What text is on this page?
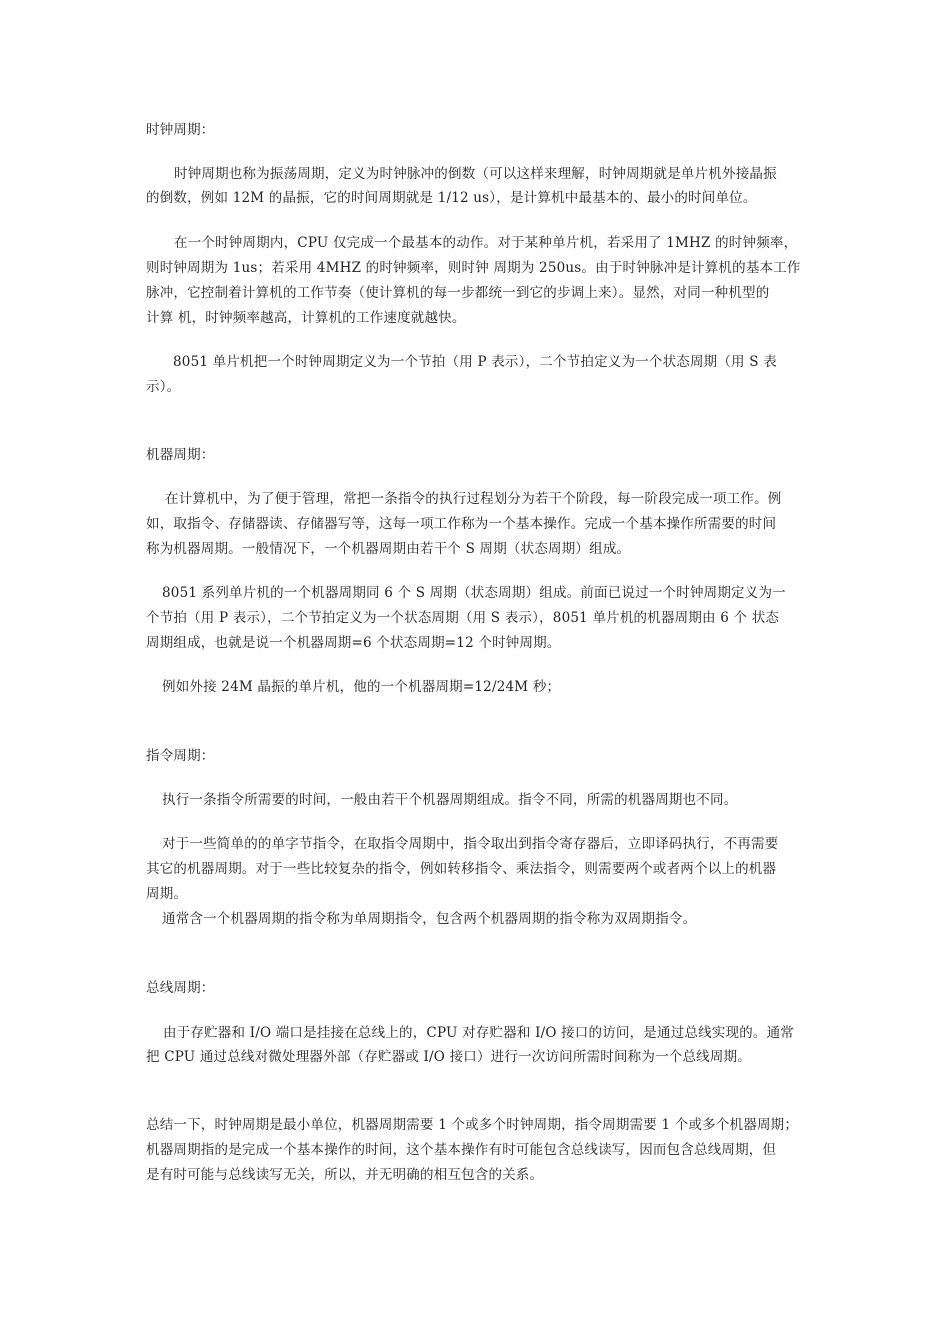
时钟周期：
时钟周期也称为振荡周期，定义为时钟脉冲的倒数（可以这样来理解，时钟周期就是单片机外接晶振
的倒数，例如 12M 的晶振，它的时间周期就是 1/12 us），是计算机中最基本的、最小的时间单位。
在一个时钟周期内，CPU 仅完成一个最基本的动作。对于某种单片机，若采用了 1MHZ 的时钟频率，
则时钟周期为 1us；若采用 4MHZ 的时钟频率，则时钟 周期为 250us。由于时钟脉冲是计算机的基本工作
脉冲，它控制着计算机的工作节奏（使计算机的每一步都统一到它的步调上来）。显然，对同一种机型的
计算 机，时钟频率越高，计算机的工作速度就越快。
8051 单片机把一个时钟周期定义为一个节拍（用 P 表示），二个节拍定义为一个状态周期（用 S 表
示）。
机器周期：
在计算机中，为了便于管理，常把一条指令的执行过程划分为若干个阶段，每一阶段完成一项工作。例
如，取指令、存储器读、存储器写等，这每一项工作称为一个基本操作。完成一个基本操作所需要的时间
称为机器周期。一般情况下，一个机器周期由若干个 S 周期（状态周期）组成。
8051 系列单片机的一个机器周期同 6 个 S 周期（状态周期）组成。前面已说过一个时钟周期定义为一
个节拍（用 P 表示），二个节拍定义为一个状态周期（用 S 表示），8051 单片机的机器周期由 6 个 状态
周期组成，也就是说一个机器周期=6 个状态周期=12 个时钟周期。
例如外接 24M 晶振的单片机，他的一个机器周期=12/24M 秒；
指令周期：
执行一条指令所需要的时间，一般由若干个机器周期组成。指令不同，所需的机器周期也不同。
对于一些简单的的单字节指令，在取指令周期中，指令取出到指令寄存器后，立即译码执行，不再需要
其它的机器周期。对于一些比较复杂的指令，例如转移指令、乘法指令，则需要两个或者两个以上的机器
周期。
通常含一个机器周期的指令称为单周期指令，包含两个机器周期的指令称为双周期指令。
总线周期：
由于存贮器和 I/O 端口是挂接在总线上的，CPU 对存贮器和 I/O 接口的访问，是通过总线实现的。通常
把 CPU 通过总线对微处理器外部（存贮器或 I/O 接口）进行一次访问所需时间称为一个总线周期。
总结一下，时钟周期是最小单位，机器周期需要 1 个或多个时钟周期，指令周期需要 1 个或多个机器周期；
机器周期指的是完成一个基本操作的时间，这个基本操作有时可能包含总线读写，因而包含总线周期，但
是有时可能与总线读写无关，所以，并无明确的相互包含的关系。
